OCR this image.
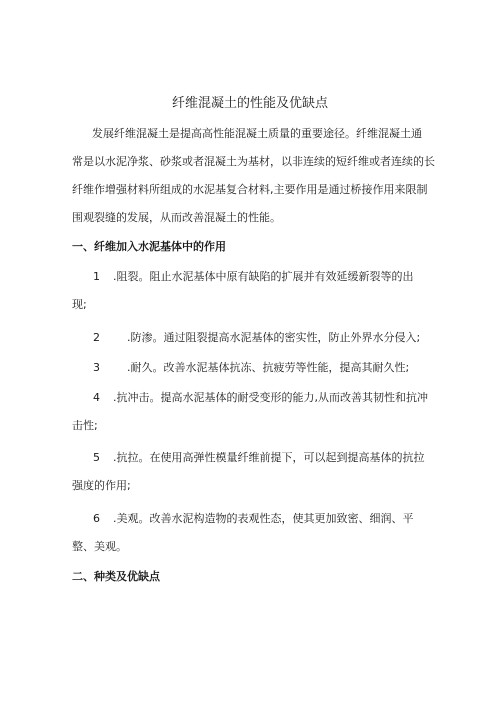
纤维混凝土的性能及优缺点
发展纤维混凝土是提高高性能混凝土质量的重要途径。纤维混凝土通
常是以水泥净浆、砂浆或者混凝土为基材，以非连续的短纤维或者连续的长
纤维作增强材料所组成的水泥基复合材料,主要作用是通过桥接作用来限制
围观裂缝的发展，从而改善混凝土的性能。
一、纤维加入水泥基体中的作用
1 .阻裂。阻止水泥基体中原有缺陷的扩展并有效延缓新裂等的出
现;
2 .防渗。通过阻裂提高水泥基体的密实性，防止外界水分侵入;
3 .耐久。改善水泥基体抗冻、抗疲劳等性能，提高其耐久性;
4 .抗冲击。提高水泥基体的耐受变形的能力,从而改善其韧性和抗冲
击性;
5 .抗拉。在使用高弹性模量纤维前提下，可以起到提高基体的抗拉
强度的作用;
6 .美观。改善水泥构造物的表观性态，使其更加致密、细润、平
整、美观。
二、种类及优缺点
